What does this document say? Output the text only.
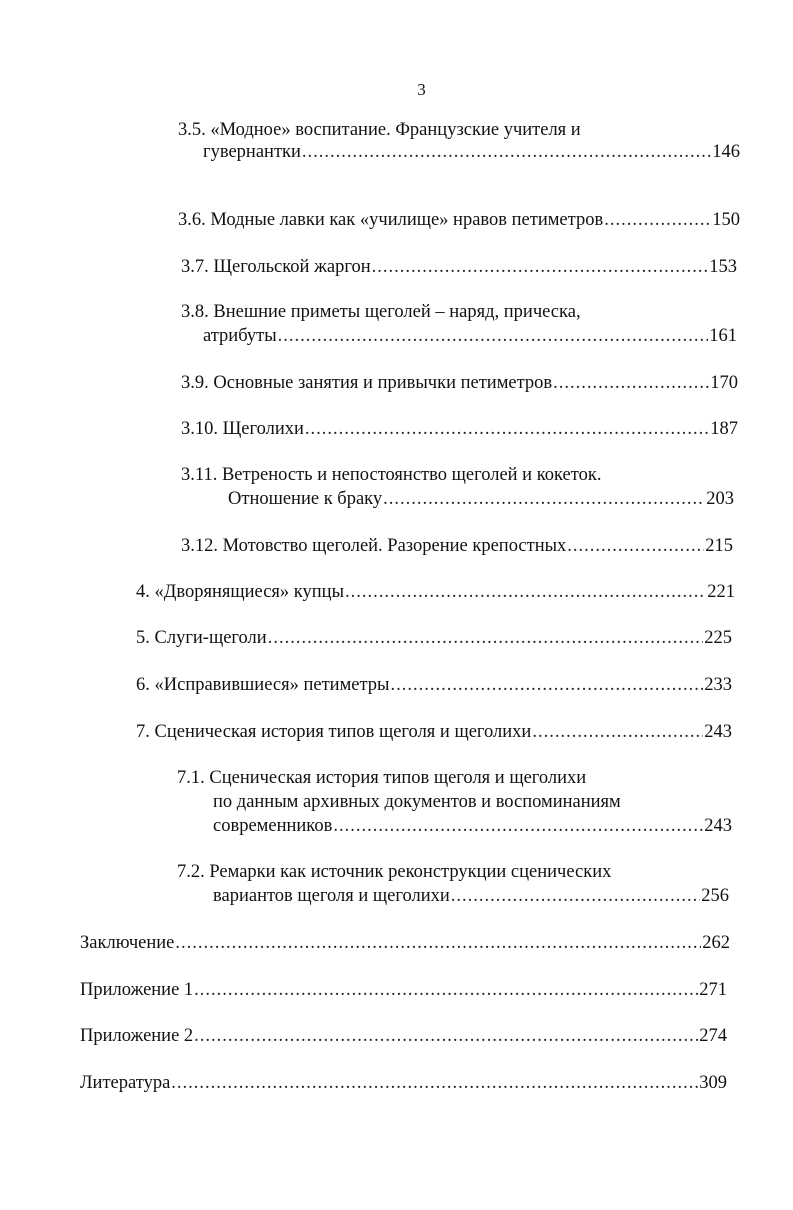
3
3.5. «Модное» воспитание. Французские учителя и
гувернантки .....	146
3.6. Модные лавки как «училище» нравов петиметров .....	150
3.7. Щегольской жаргон .....	153
3.8. Внешние приметы щеголей – наряд, прическа,
атрибуты .....	161
3.9. Основные занятия и привычки петиметров .....	170
3.10. Щеголихи .....	187
3.11. Ветреность и непостоянство щеголей и кокеток.
Отношение к браку .....	203
3.12. Мотовство щеголей. Разорение крепостных .....	215
4. «Дворянящиеся» купцы .....	221
5. Слуги-щеголи .....	225
6. «Исправившиеся» петиметры .....	233
7. Сценическая история типов щеголя и щеголихи .....	243
7.1. Сценическая история типов щеголя и щеголихи
по данным архивных документов и воспоминаниям
современников .....	243
7.2. Ремарки как источник реконструкции сценических
вариантов щеголя и щеголихи .....	256
Заключение .....	262
Приложение 1 .....	271
Приложение 2 .....	274
Литература .....	309
